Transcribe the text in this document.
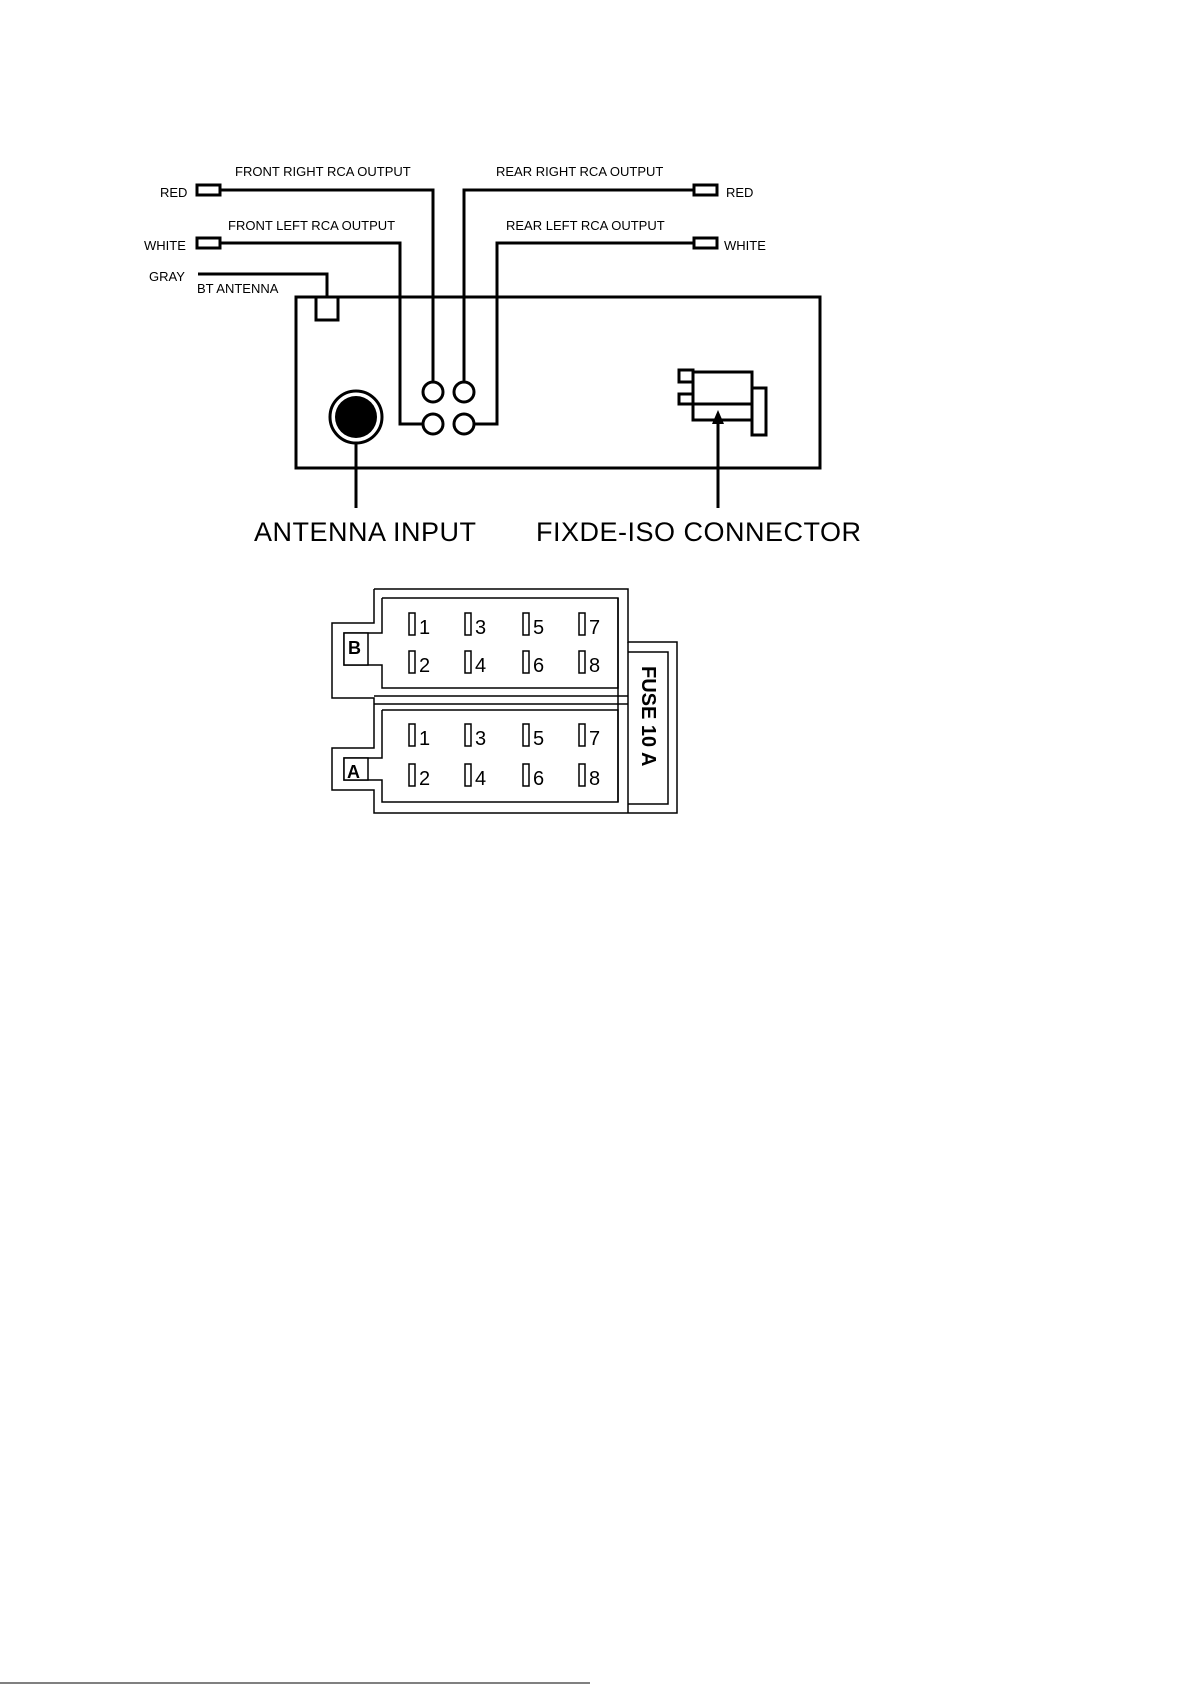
FRONT RIGHT RCA OUTPUT
FRONT LEFT RCA OUTPUT
REAR RIGHT RCA OUTPUT
REAR LEFT RCA OUTPUT
RED
WHITE
GRAY
BT ANTENNA
RED
WHITE
ANTENNA INPUT FIXDE-ISO CONNECTOR
B
A
1 3 5 7
2 4 6 8
1 3 5 7
2 4 6 8
FUSE 10 A
